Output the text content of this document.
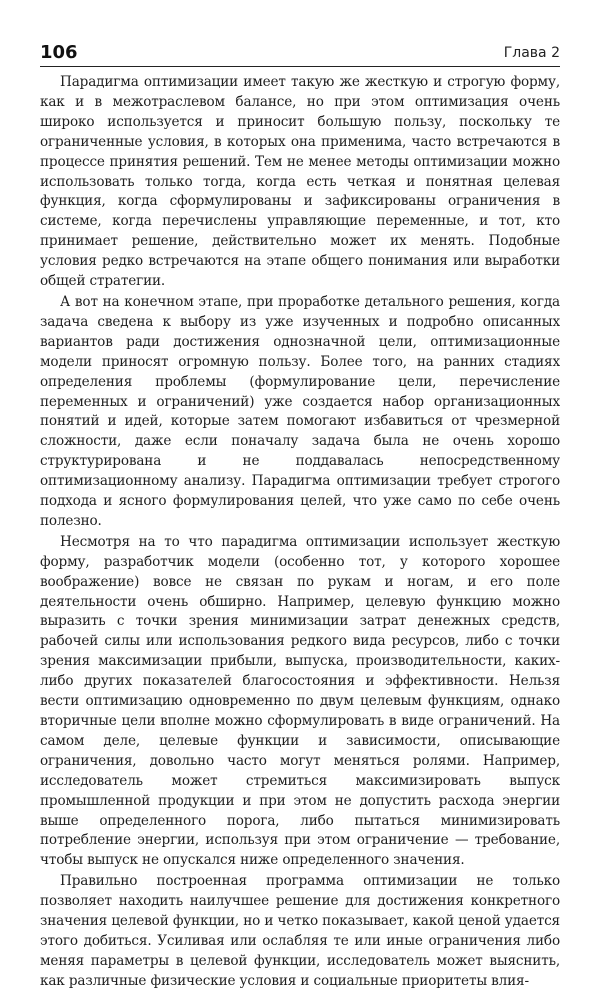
106	Глава 2

Парадигма оптимизации имеет такую же жесткую и строгую форму, как и в межотраслевом балансе, но при этом оптимизация очень широко используется и приносит большую пользу, поскольку те ограниченные условия, в которых она применима, часто встречаются в процессе принятия решений. Тем не менее методы оптимизации можно использовать только тогда, когда есть четкая и понятная целевая функция, когда сформулированы и зафиксированы ограничения в системе, когда перечислены управляющие переменные, и тот, кто принимает решение, действительно может их менять. Подобные условия редко встречаются на этапе общего понимания или выработки общей стратегии.

А вот на конечном этапе, при проработке детального решения, когда задача сведена к выбору из уже изученных и подробно описанных вариантов ради достижения однозначной цели, оптимизационные модели приносят огромную пользу. Более того, на ранних стадиях определения проблемы (формулирование цели, перечисление переменных и ограничений) уже создается набор организационных понятий и идей, которые затем помогают избавиться от чрезмерной сложности, даже если поначалу задача была не очень хорошо структурирована и не поддавалась непосредственному оптимизационному анализу. Парадигма оптимизации требует строгого подхода и ясного формулирования целей, что уже само по себе очень полезно.

Несмотря на то что парадигма оптимизации использует жесткую форму, разработчик модели (особенно тот, у которого хорошее воображение) вовсе не связан по рукам и ногам, и его поле деятельности очень обширно. Например, целевую функцию можно выразить с точки зрения минимизации затрат денежных средств, рабочей силы или использования редкого вида ресурсов, либо с точки зрения максимизации прибыли, выпуска, производительности, каких-либо других показателей благосостояния и эффективности. Нельзя вести оптимизацию одновременно по двум целевым функциям, однако вторичные цели вполне можно сформулировать в виде ограничений. На самом деле, целевые функции и зависимости, описывающие ограничения, довольно часто могут меняться ролями. Например, исследователь может стремиться максимизировать выпуск промышленной продукции и при этом не допустить расхода энергии выше определенного порога, либо пытаться минимизировать потребление энергии, используя при этом ограничение — требование, чтобы выпуск не опускался ниже определенного значения.

Правильно построенная программа оптимизации не только позволяет находить наилучшее решение для достижения конкретного значения целевой функции, но и четко показывает, какой ценой удается этого добиться. Усиливая или ослабляя те или иные ограничения либо меняя параметры в целевой функции, исследователь может выяснить, как различные физические условия и социальные приоритеты влия-
